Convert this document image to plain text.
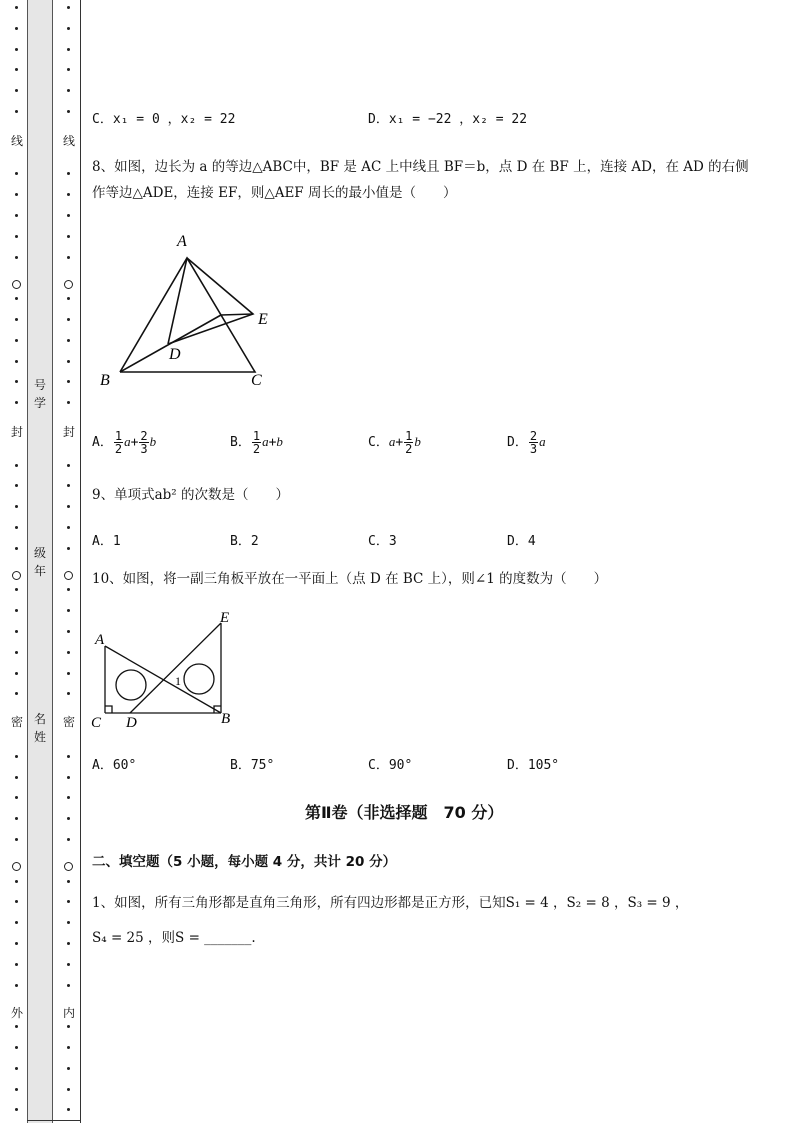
线
封
密
外
线
封
密
内
号学
级年
名姓
C．x₁ = 0 ，x₂ = 22	D．x₁ = −22 ，x₂ = 22
8、如图，边长为 a 的等边△ABC中，BF 是 AC 上中线且 BF＝b，点 D 在 BF 上，连接 AD，在 AD 的右侧
作等边△ADE，连接 EF，则△AEF 周长的最小值是（　　）
A
B	C
D
E
A． $\frac{1}{2} a+ \frac{2}{3}$ b	B． $\frac{1}{2} a+b$	C．$a+ \frac{1}{2}$ b	D． $\frac{2}{3}$ a
9、单项式ab² 的次数是（　　）
A．1	B．2	C．3	D．4
10、如图，将一副三角板平放在一平面上（点 D 在 BC 上），则∠1 的度数为（　　）
A
E
C D	B
1
A．60°	B．75°	C．90°	D．105°
第Ⅱ卷（非选择题　70 分）
二、填空题（5 小题，每小题 4 分，共计 20 分）
1、如图，所有三角形都是直角三角形，所有四边形都是正方形，已知S₁ = 4 ，S₂ = 8 ，S₃ = 9 ，
S₄ = 25 ，则S = _______.
